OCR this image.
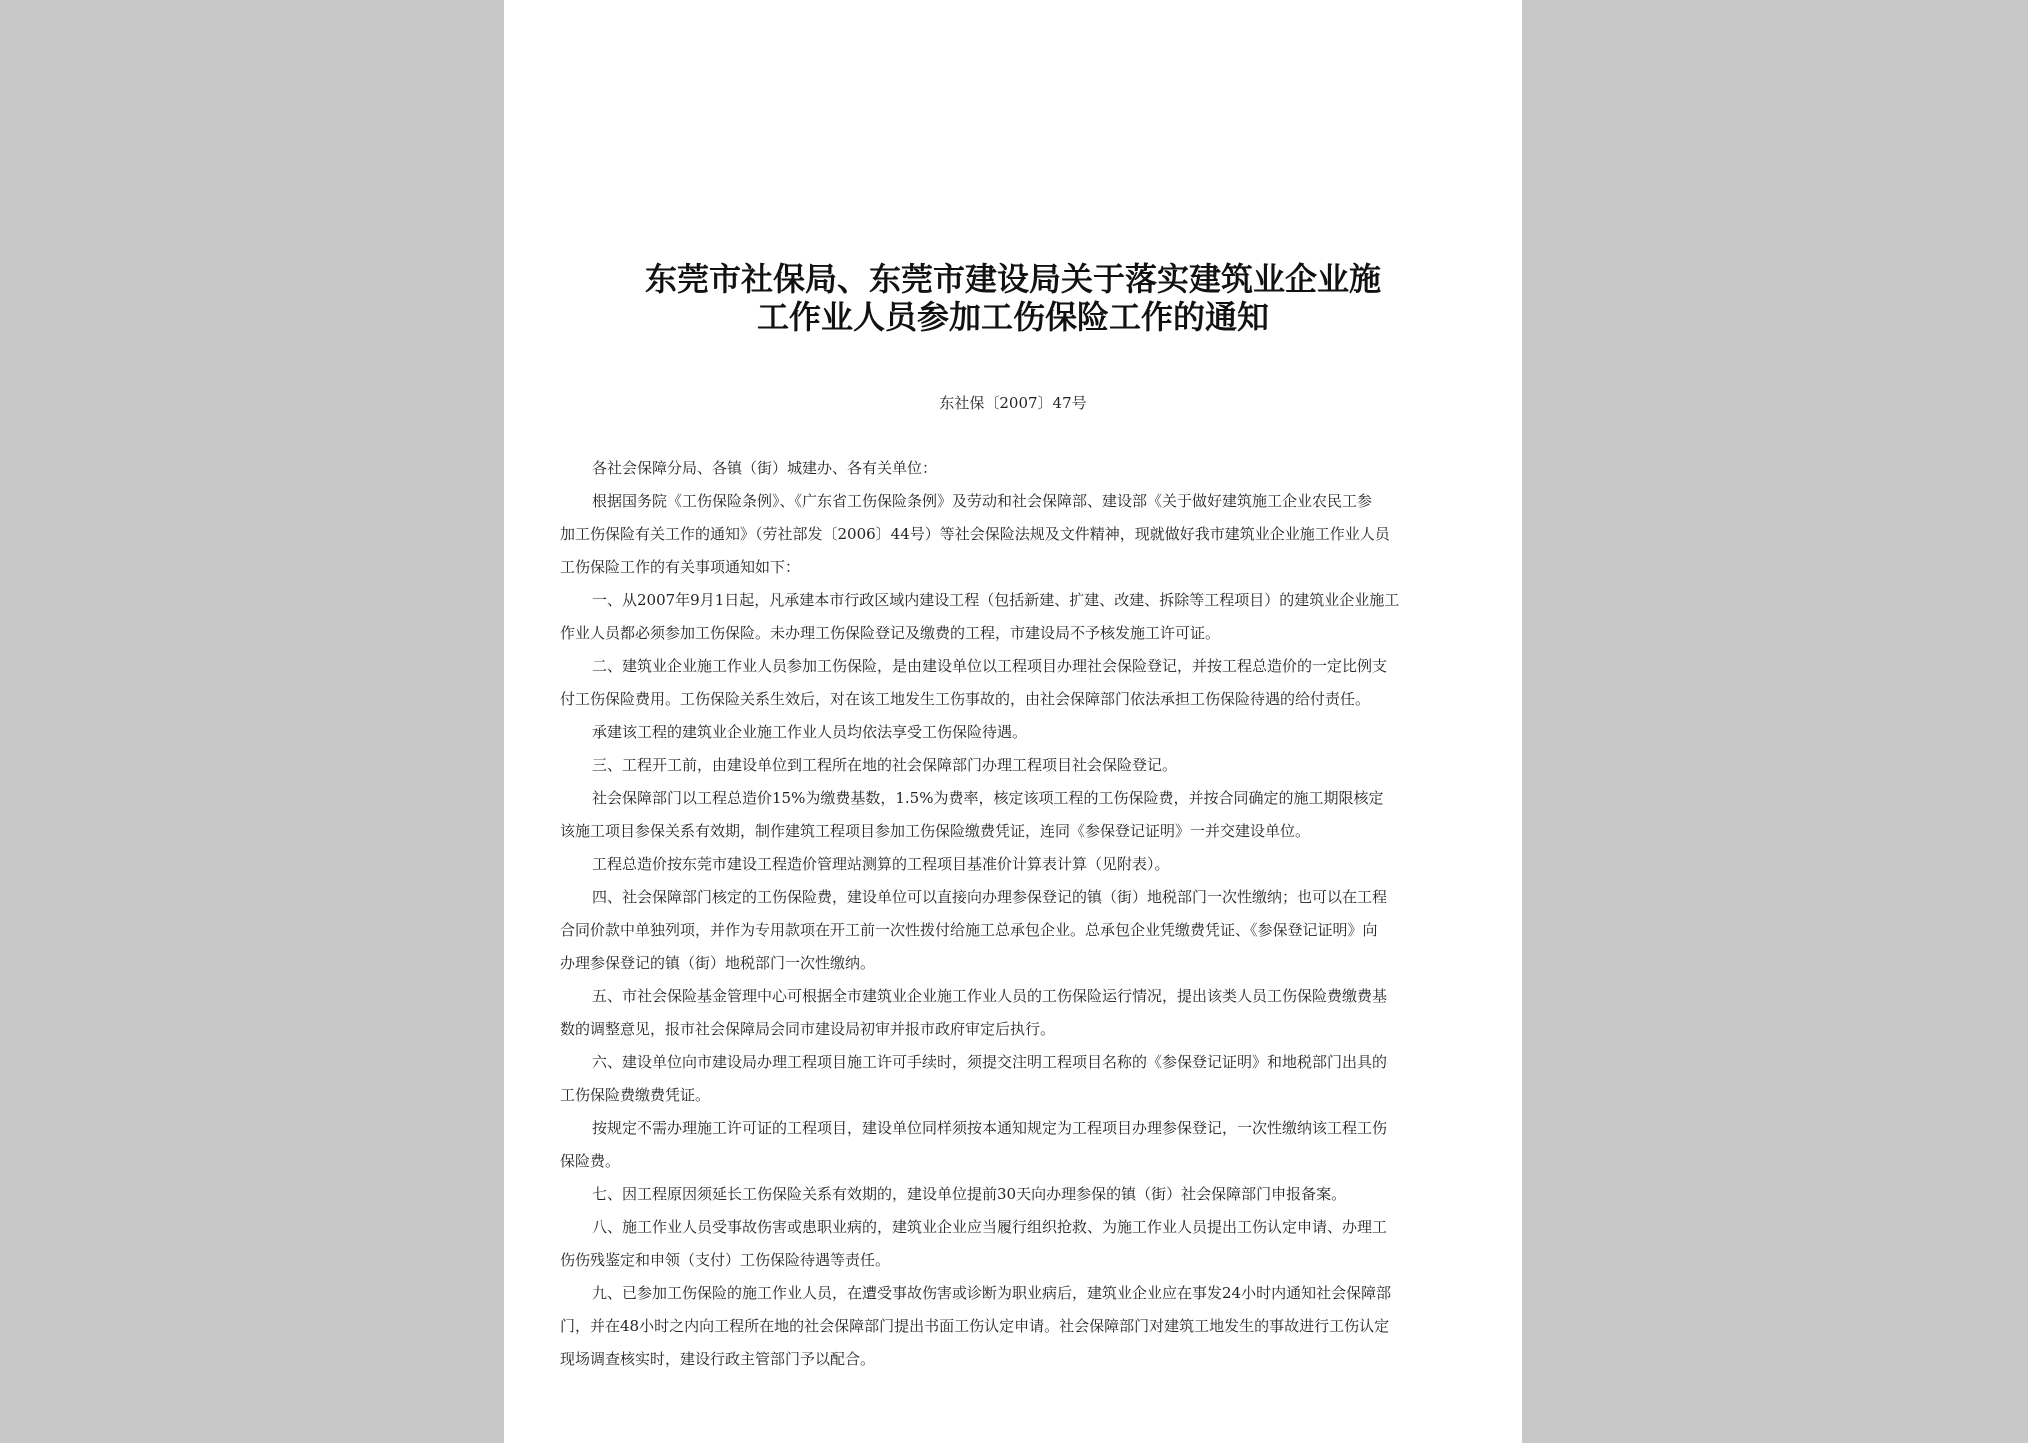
东莞市社保局、东莞市建设局关于落实建筑业企业施
工作业人员参加工伤保险工作的通知
东社保〔2007〕47号
各社会保障分局、各镇（街）城建办、各有关单位：
根据国务院《工伤保险条例》、《广东省工伤保险条例》及劳动和社会保障部、建设部《关于做好建筑施工企业农民工参
加工伤保险有关工作的通知》（劳社部发〔2006〕44号）等社会保险法规及文件精神，现就做好我市建筑业企业施工作业人员
工伤保险工作的有关事项通知如下：
一、从2007年9月1日起，凡承建本市行政区域内建设工程（包括新建、扩建、改建、拆除等工程项目）的建筑业企业施工
作业人员都必须参加工伤保险。未办理工伤保险登记及缴费的工程，市建设局不予核发施工许可证。
二、建筑业企业施工作业人员参加工伤保险，是由建设单位以工程项目办理社会保险登记，并按工程总造价的一定比例支
付工伤保险费用。工伤保险关系生效后，对在该工地发生工伤事故的，由社会保障部门依法承担工伤保险待遇的给付责任。
承建该工程的建筑业企业施工作业人员均依法享受工伤保险待遇。
三、工程开工前，由建设单位到工程所在地的社会保障部门办理工程项目社会保险登记。
社会保障部门以工程总造价15%为缴费基数，1.5%为费率，核定该项工程的工伤保险费，并按合同确定的施工期限核定
该施工项目参保关系有效期，制作建筑工程项目参加工伤保险缴费凭证，连同《参保登记证明》一并交建设单位。
工程总造价按东莞市建设工程造价管理站测算的工程项目基准价计算表计算（见附表）。
四、社会保障部门核定的工伤保险费，建设单位可以直接向办理参保登记的镇（街）地税部门一次性缴纳；也可以在工程
合同价款中单独列项，并作为专用款项在开工前一次性拨付给施工总承包企业。总承包企业凭缴费凭证、《参保登记证明》向
办理参保登记的镇（街）地税部门一次性缴纳。
五、市社会保险基金管理中心可根据全市建筑业企业施工作业人员的工伤保险运行情况，提出该类人员工伤保险费缴费基
数的调整意见，报市社会保障局会同市建设局初审并报市政府审定后执行。
六、建设单位向市建设局办理工程项目施工许可手续时，须提交注明工程项目名称的《参保登记证明》和地税部门出具的
工伤保险费缴费凭证。
按规定不需办理施工许可证的工程项目，建设单位同样须按本通知规定为工程项目办理参保登记，一次性缴纳该工程工伤
保险费。
七、因工程原因须延长工伤保险关系有效期的，建设单位提前30天向办理参保的镇（街）社会保障部门申报备案。
八、施工作业人员受事故伤害或患职业病的，建筑业企业应当履行组织抢救、为施工作业人员提出工伤认定申请、办理工
伤伤残鉴定和申领（支付）工伤保险待遇等责任。
九、已参加工伤保险的施工作业人员，在遭受事故伤害或诊断为职业病后，建筑业企业应在事发24小时内通知社会保障部
门，并在48小时之内向工程所在地的社会保障部门提出书面工伤认定申请。社会保障部门对建筑工地发生的事故进行工伤认定
现场调查核实时，建设行政主管部门予以配合。
